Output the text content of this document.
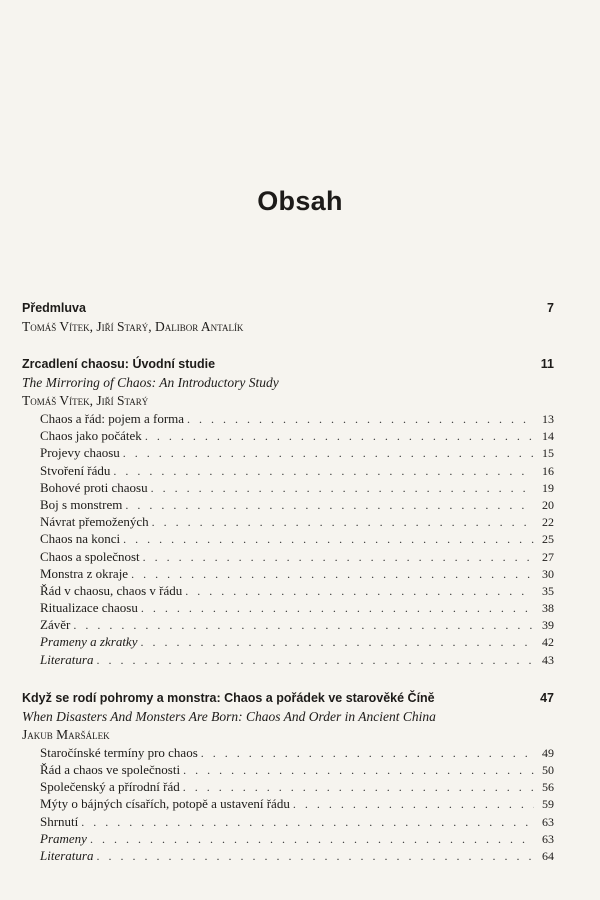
Obsah
Předmluva	7
Tomáš Vítek, Jiří Starý, Dalibor Antalík
Zrcadlení chaosu: Úvodní studie	11
The Mirroring of Chaos: An Introductory Study
Tomáš Vítek, Jiří Starý
Chaos a řád: pojem a forma . . .	13
Chaos jako počátek . . .	14
Projevy chaosu . . .	15
Stvoření řádu . . .	16
Bohové proti chaosu . . .	19
Boj s monstrem . . .	20
Návrat přemožených . . .	22
Chaos na konci . . .	25
Chaos a společnost . . .	27
Monstra z okraje . . .	30
Řád v chaosu, chaos v řádu . . .	35
Ritualizace chaosu . . .	38
Závěr . . .	39
Prameny a zkratky . . .	42
Literatura . . .	43
Když se rodí pohromy a monstra: Chaos a pořádek ve starověké Číně	47
When Disasters And Monsters Are Born: Chaos And Order in Ancient China
Jakub Maršálek
Staročínské termíny pro chaos . . .	49
Řád a chaos ve společnosti . . .	50
Společenský a přírodní řád . . .	56
Mýty o bájných císařích, potopě a ustavení řádu . . .	59
Shrnutí . . .	63
Prameny . . .	63
Literatura . . .	64
